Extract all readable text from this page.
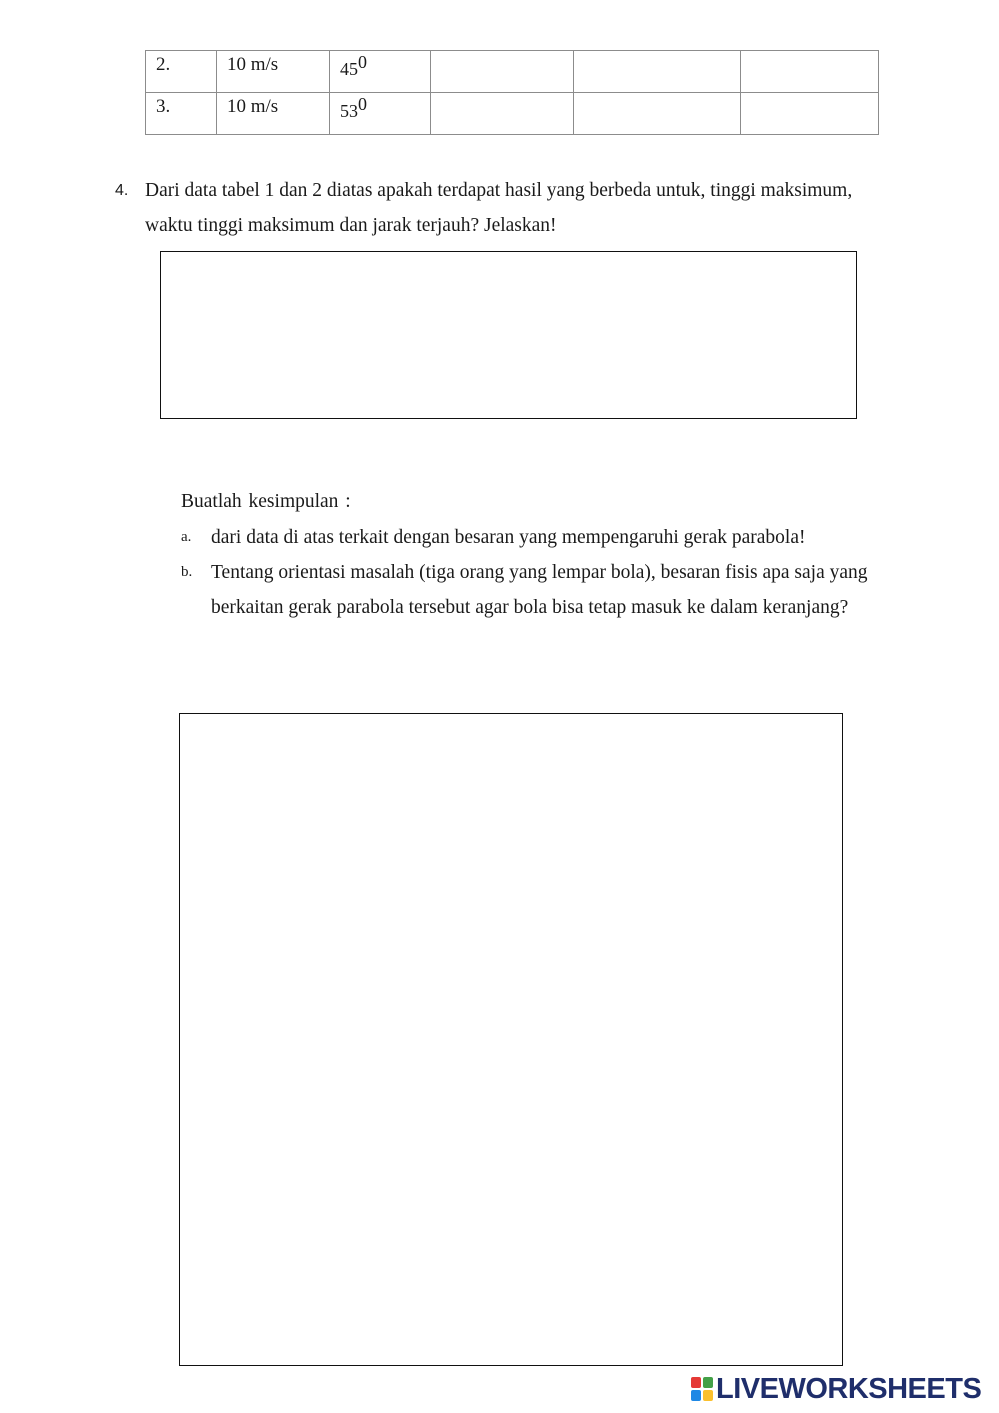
2.	10 m/s	450			
3.	10 m/s	530			
4. Dari data tabel 1 dan 2 diatas apakah terdapat hasil yang berbeda untuk, tinggi maksimum, waktu tinggi maksimum dan jarak terjauh? Jelaskan!
Buatlah kesimpulan :
a. dari data di atas terkait dengan besaran yang mempengaruhi gerak parabola!
b. Tentang orientasi masalah (tiga orang yang lempar bola), besaran fisis apa saja yang berkaitan gerak parabola tersebut agar bola bisa tetap masuk ke dalam keranjang?
LIVEWORKSHEETS
